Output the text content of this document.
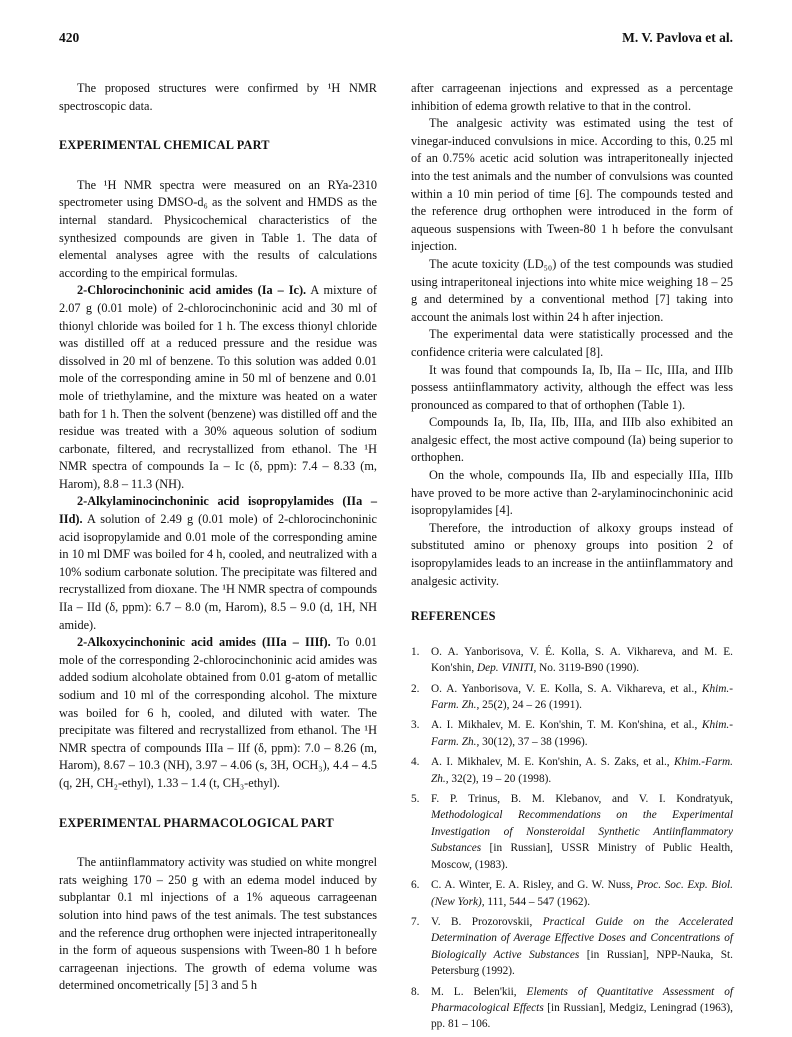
420	M. V. Pavlova et al.

The proposed structures were confirmed by ¹H NMR spectroscopic data.

EXPERIMENTAL CHEMICAL PART

The ¹H NMR spectra were measured on an RYa-2310 spectrometer using DMSO-d₆ as the solvent and HMDS as the internal standard. Physicochemical characteristics of the synthesized compounds are given in Table 1. The data of elemental analyses agree with the results of calculations according to the empirical formulas.

2-Chlorocinchoninic acid amides (Ia – Ic). A mixture of 2.07 g (0.01 mole) of 2-chlorocinchoninic acid and 30 ml of thionyl chloride was boiled for 1 h. The excess thionyl chloride was distilled off at a reduced pressure and the residue was dissolved in 20 ml of benzene. To this solution was added 0.01 mole of the corresponding amine in 50 ml of benzene and 0.01 mole of triethylamine, and the mixture was heated on a water bath for 1 h. Then the solvent (benzene) was distilled off and the residue was treated with a 30% aqueous solution of sodium carbonate, filtered, and recrystallized from ethanol. The ¹H NMR spectra of compounds Ia – Ic (δ, ppm): 7.4 – 8.33 (m, Harom), 8.8 – 11.3 (NH).

2-Alkylaminocinchoninic acid isopropylamides (IIa – IId). A solution of 2.49 g (0.01 mole) of 2-chlorocinchoninic acid isopropylamide and 0.01 mole of the corresponding amine in 10 ml DMF was boiled for 4 h, cooled, and neutralized with a 10% sodium carbonate solution. The precipitate was filtered and recrystallized from dioxane. The ¹H NMR spectra of compounds IIa – IId (δ, ppm): 6.7 – 8.0 (m, Harom), 8.5 – 9.0 (d, 1H, NH amide).

2-Alkoxycinchoninic acid amides (IIIa – IIIf). To 0.01 mole of the corresponding 2-chlorocinchoninic acid amides was added sodium alcoholate obtained from 0.01 g-atom of metallic sodium and 10 ml of the corresponding alcohol. The mixture was boiled for 6 h, cooled, and diluted with water. The precipitate was filtered and recrystallized from ethanol. The ¹H NMR spectra of compounds IIIa – IIf (δ, ppm): 7.0 – 8.26 (m, Harom), 8.67 – 10.3 (NH), 3.97 – 4.06 (s, 3H, OCH₃), 4.4 – 4.5 (q, 2H, CH₂-ethyl), 1.33 – 1.4 (t, CH₃-ethyl).

EXPERIMENTAL PHARMACOLOGICAL PART

The antiinflammatory activity was studied on white mongrel rats weighing 170 – 250 g with an edema model induced by subplantar 0.1 ml injections of a 1% aqueous carrageenan solution into hind paws of the test animals. The test substances and the reference drug orthophen were injected intraperitoneally in the form of aqueous suspensions with Tween-80 1 h before carrageenan injections. The growth of edema volume was determined oncometrically [5] 3 and 5 h

after carrageenan injections and expressed as a percentage inhibition of edema growth relative to that in the control.

The analgesic activity was estimated using the test of vinegar-induced convulsions in mice. According to this, 0.25 ml of an 0.75% acetic acid solution was intraperitoneally injected into the test animals and the number of convulsions was counted within a 10 min period of time [6]. The compounds tested and the reference drug orthophen were introduced in the form of aqueous suspensions with Tween-80 1 h before the convulsant injection.

The acute toxicity (LD₅₀) of the test compounds was studied using intraperitoneal injections into white mice weighing 18 – 25 g and determined by a conventional method [7] taking into account the animals lost within 24 h after injection.

The experimental data were statistically processed and the confidence criteria were calculated [8].

It was found that compounds Ia, Ib, IIa – IIc, IIIa, and IIIb possess antiinflammatory activity, although the effect was less pronounced as compared to that of orthophen (Table 1).

Compounds Ia, Ib, IIa, IIb, IIIa, and IIIb also exhibited an analgesic effect, the most active compound (Ia) being superior to orthophen.

On the whole, compounds IIa, IIb and especially IIIa, IIIb have proved to be more active than 2-arylaminocinchoninic acid isopropylamides [4].

Therefore, the introduction of alkoxy groups instead of substituted amino or phenoxy groups into position 2 of isopropylamides leads to an increase in the antiinflammatory and analgesic activity.

REFERENCES
1. O. A. Yanborisova, V. É. Kolla, S. A. Vikhareva, and M. E. Kon'shin, Dep. VINITI, No. 3119-B90 (1990).
2. O. A. Yanborisova, V. E. Kolla, S. A. Vikhareva, et al., Khim.-Farm. Zh., 25(2), 24 – 26 (1991).
3. A. I. Mikhalev, M. E. Kon'shin, T. M. Kon'shina, et al., Khim.-Farm. Zh., 30(12), 37 – 38 (1996).
4. A. I. Mikhalev, M. E. Kon'shin, A. S. Zaks, et al., Khim.-Farm. Zh., 32(2), 19 – 20 (1998).
5. F. P. Trinus, B. M. Klebanov, and V. I. Kondratyuk, Methodological Recommendations on the Experimental Investigation of Nonsteroidal Synthetic Antiinflammatory Substances [in Russian], USSR Ministry of Public Health, Moscow, (1983).
6. C. A. Winter, E. A. Risley, and G. W. Nuss, Proc. Soc. Exp. Biol. (New York), 111, 544 – 547 (1962).
7. V. B. Prozorovskii, Practical Guide on the Accelerated Determination of Average Effective Doses and Concentrations of Biologically Active Substances [in Russian], NPP-Nauka, St. Petersburg (1992).
8. M. L. Belen'kii, Elements of Quantitative Assessment of Pharmacological Effects [in Russian], Medgiz, Leningrad (1963), pp. 81 – 106.
